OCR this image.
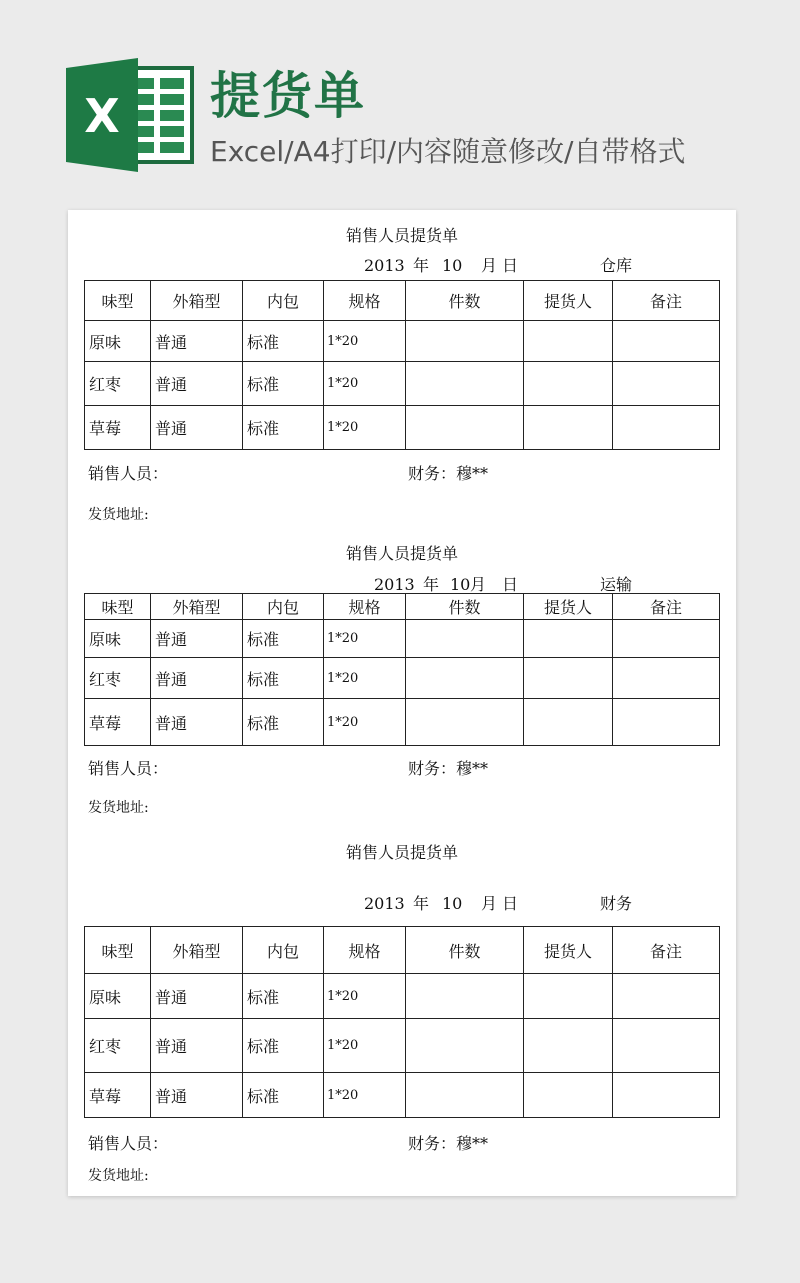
X 提货单
Excel/A4打印/内容随意修改/自带格式
销售人员提货单
2013 年 10 月 日	仓库
味型	外箱型	内包	规格	件数	提货人	备注
原味	普通	标准	1*20			
红枣	普通	标准	1*20			
草莓	普通	标准	1*20			
销售人员：	财务：穆**
发货地址:
销售人员提货单
2013 年 10 月 日	运输
味型	外箱型	内包	规格	件数	提货人	备注
原味	普通	标准	1*20			
红枣	普通	标准	1*20			
草莓	普通	标准	1*20			
销售人员：	财务：穆**
发货地址:
销售人员提货单
2013 年 10 月 日	财务
味型	外箱型	内包	规格	件数	提货人	备注
原味	普通	标准	1*20			
红枣	普通	标准	1*20			
草莓	普通	标准	1*20			
销售人员：	财务：穆**
发货地址:
